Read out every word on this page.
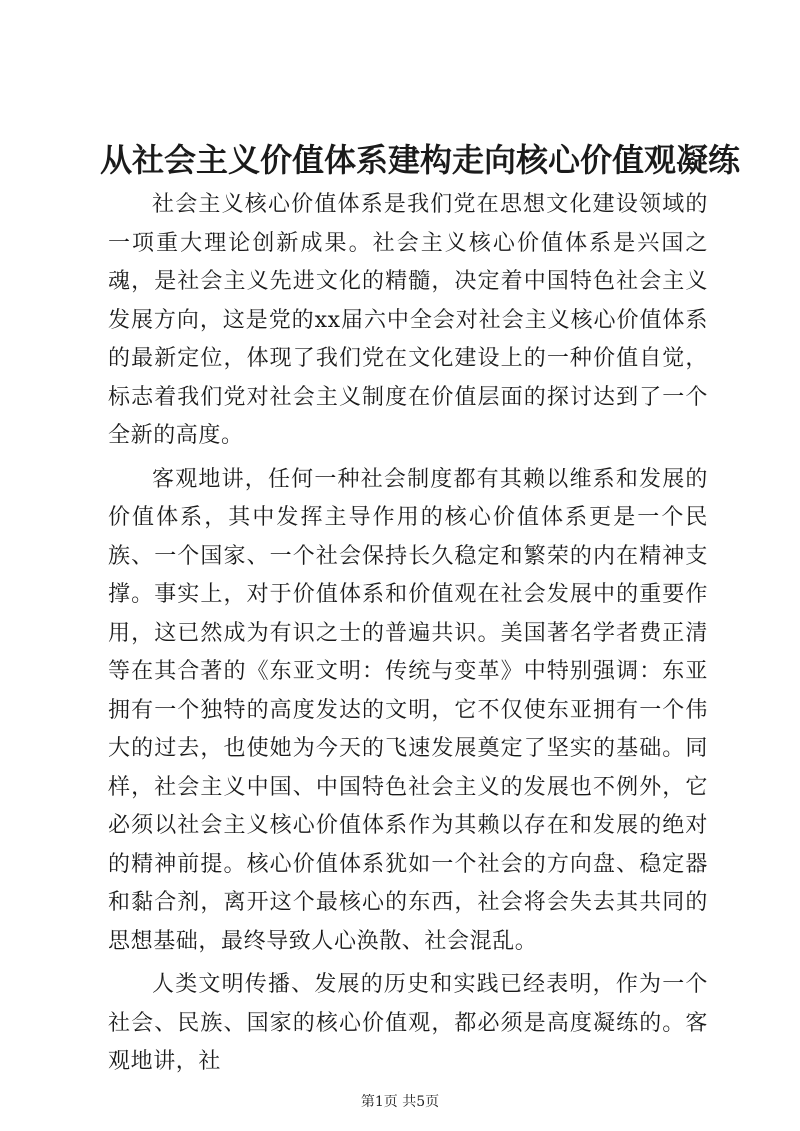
从社会主义价值体系建构走向核心价值观凝练

社会主义核心价值体系是我们党在思想文化建设领域的一项重大理论创新成果。社会主义核心价值体系是兴国之魂，是社会主义先进文化的精髓，决定着中国特色社会主义发展方向，这是党的xx届六中全会对社会主义核心价值体系的最新定位，体现了我们党在文化建设上的一种价值自觉，标志着我们党对社会主义制度在价值层面的探讨达到了一个全新的高度。

客观地讲，任何一种社会制度都有其赖以维系和发展的价值体系，其中发挥主导作用的核心价值体系更是一个民族、一个国家、一个社会保持长久稳定和繁荣的内在精神支撑。事实上，对于价值体系和价值观在社会发展中的重要作用，这已然成为有识之士的普遍共识。美国著名学者费正清等在其合著的《东亚文明：传统与变革》中特别强调：东亚拥有一个独特的高度发达的文明，它不仅使东亚拥有一个伟大的过去，也使她为今天的飞速发展奠定了坚实的基础。同样，社会主义中国、中国特色社会主义的发展也不例外，它必须以社会主义核心价值体系作为其赖以存在和发展的绝对的精神前提。核心价值体系犹如一个社会的方向盘、稳定器和黏合剂，离开这个最核心的东西，社会将会失去其共同的思想基础，最终导致人心涣散、社会混乱。

人类文明传播、发展的历史和实践已经表明，作为一个社会、民族、国家的核心价值观，都必须是高度凝练的。客观地讲，社

第1页 共5页
